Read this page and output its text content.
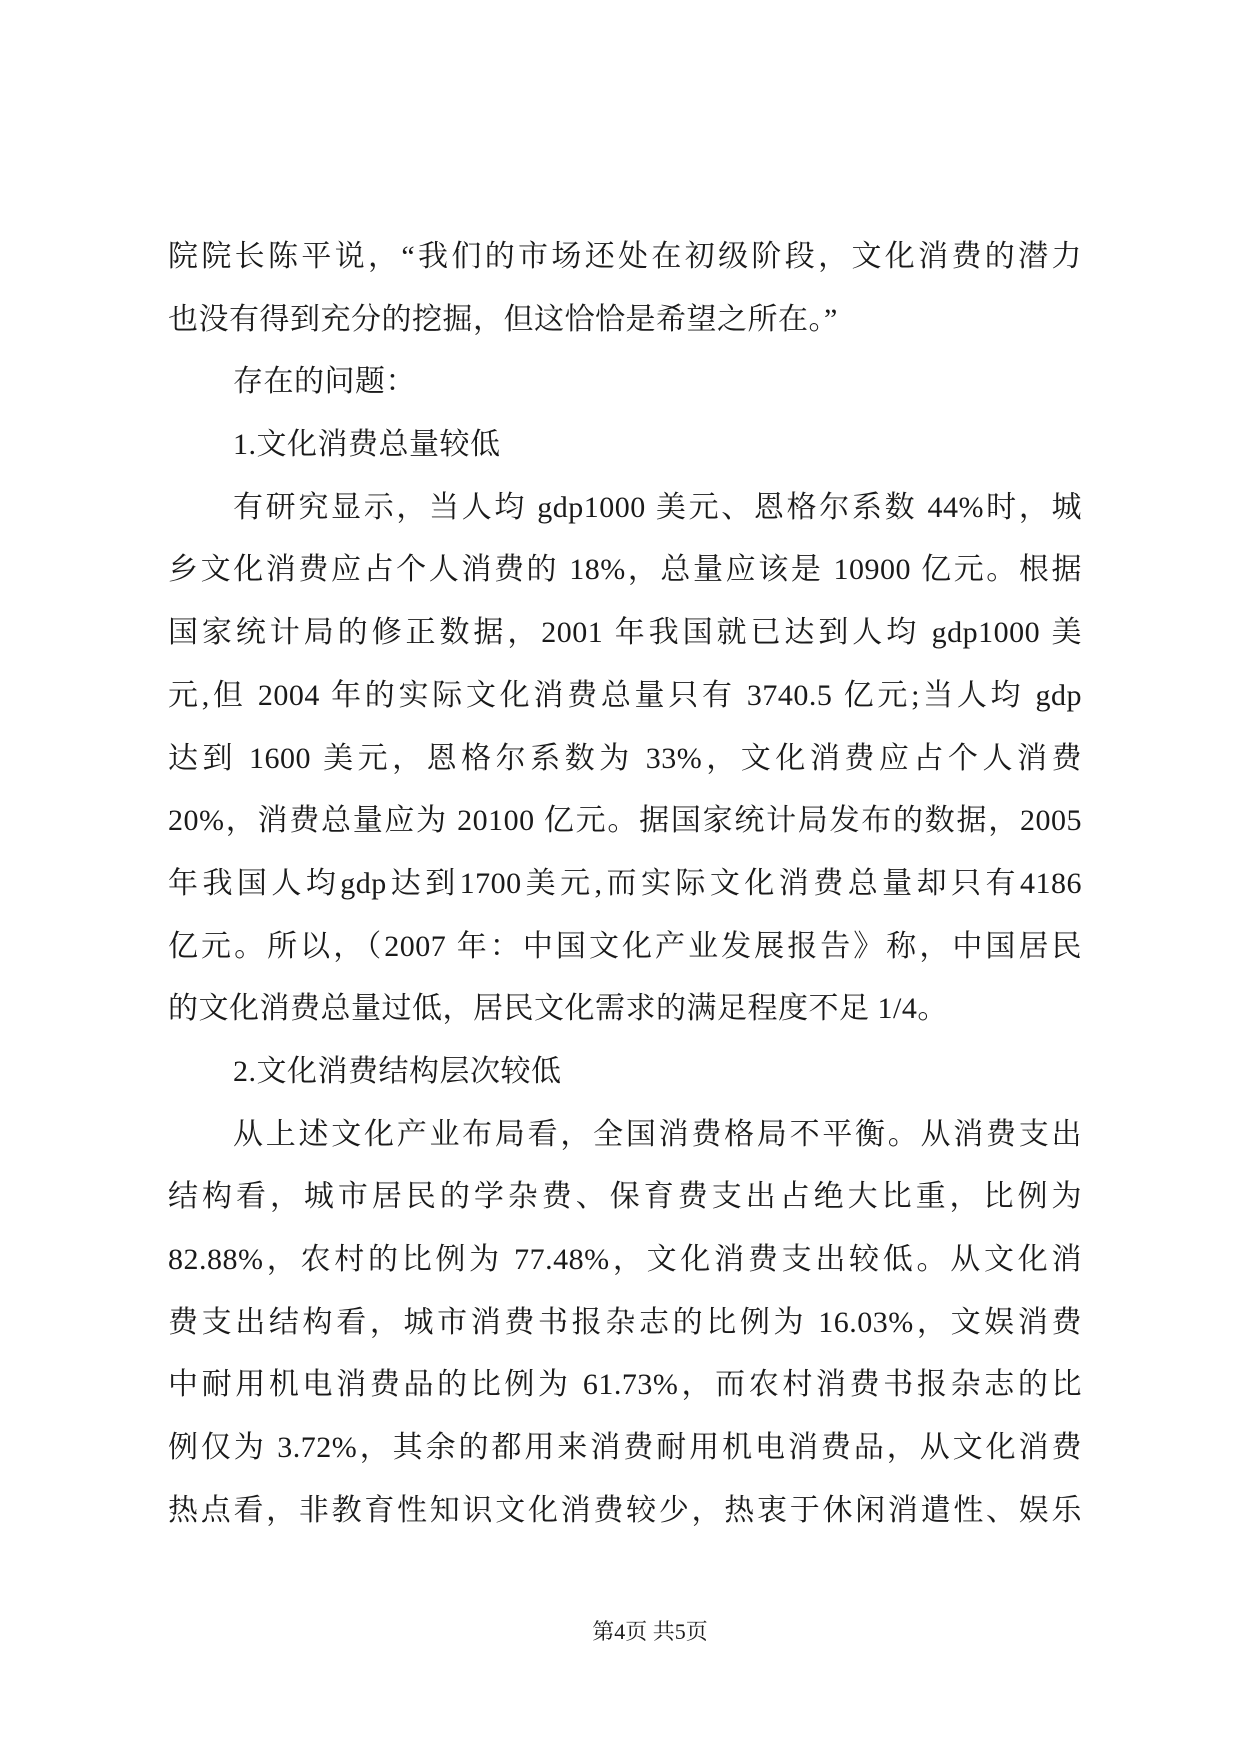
院院长陈平说，“我们的市场还处在初级阶段，文化消费的潜力
也没有得到充分的挖掘，但这恰恰是希望之所在。”
存在的问题：
1.文化消费总量较低
有研究显示，当人均 gdp1000 美元、恩格尔系数 44%时，城
乡文化消费应占个人消费的 18%，总量应该是 10900 亿元。根据
国家统计局的修正数据，2001 年我国就已达到人均 gdp1000 美
元,但 2004 年的实际文化消费总量只有 3740.5 亿元;当人均 gdp
达到 1600 美元，恩格尔系数为 33%，文化消费应占个人消费
20%，消费总量应为 20100 亿元。据国家统计局发布的数据，2005
年我国人均gdp达到1700美元,而实际文化消费总量却只有4186
亿元。所以，（2007 年：中国文化产业发展报告》称，中国居民
的文化消费总量过低，居民文化需求的满足程度不足 1/4。
2.文化消费结构层次较低
从上述文化产业布局看，全国消费格局不平衡。从消费支出
结构看，城市居民的学杂费、保育费支出占绝大比重，比例为
82.88%，农村的比例为 77.48%，文化消费支出较低。从文化消
费支出结构看，城市消费书报杂志的比例为 16.03%，文娱消费
中耐用机电消费品的比例为 61.73%，而农村消费书报杂志的比
例仅为 3.72%，其余的都用来消费耐用机电消费品，从文化消费
热点看，非教育性知识文化消费较少，热衷于休闲消遣性、娱乐
第4页 共5页
